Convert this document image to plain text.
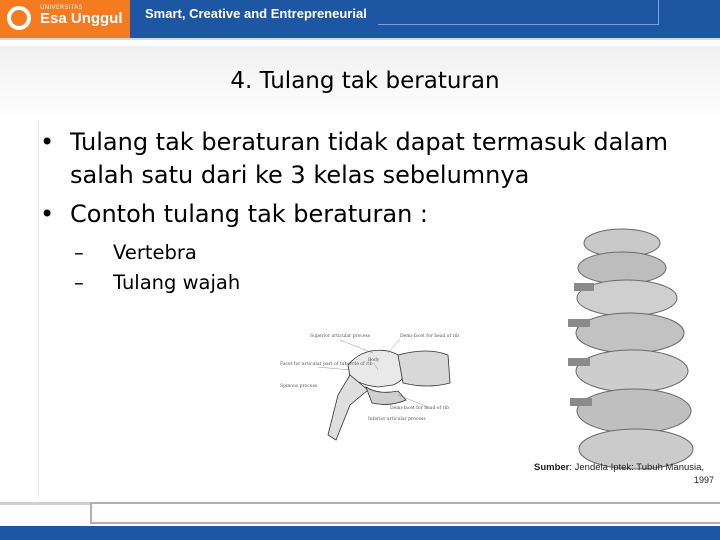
UNIVERSITAS
Esa Unggul Smart, Creative and Entrepreneurial
4. Tulang tak beraturan
• Tulang tak beraturan tidak dapat termasuk dalam salah satu dari ke 3 kelas sebelumnya
• Contoh tulang tak beraturan :
– Vertebra
– Tulang wajah
Superior articular process	Demi-facet for head of rib
Facet for articular part of tubercle of rib
Body
Spinous process
Demi-facet for head of rib
Inferior articular process
Sumber: Jendela Iptek: Tubuh Manusia,
1997
